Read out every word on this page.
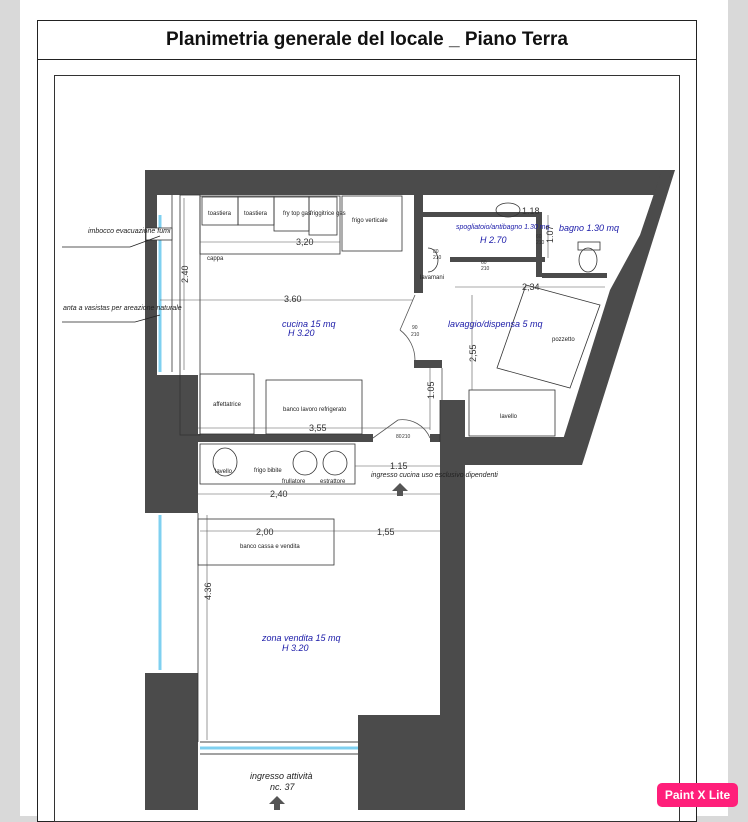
Planimetria generale del locale _ Piano Terra
toastiera toastiera	fry top gas
friggitrice gas
frigo verticale
cappa
lavamani
pozzetto
affettatrice
banco lavoro refrigerato
lavello
lavello	frigo bibite
frullatore estrattore
banco cassa e vendita
cucina 15 mq
H 3.20
spogliatoio/antibagno 1.30 mq
H 2.70
bagno 1.30 mq
lavaggio/dispensa 5 mq
zona vendita 15 mq
H 3.20
3,20
2.40
3.60
1.18
1.07
2,34
2,55
1.05
3,55
1.15
2,40
2,00	1,55
4.36
80
210
60
210
60
210
90
210
80 210
imbocco evacuazione fumi
anta a vasistas per areazione naturale
ingresso cucina uso esclusivo dipendenti
ingresso attività
nc. 37
Paint X Lite
